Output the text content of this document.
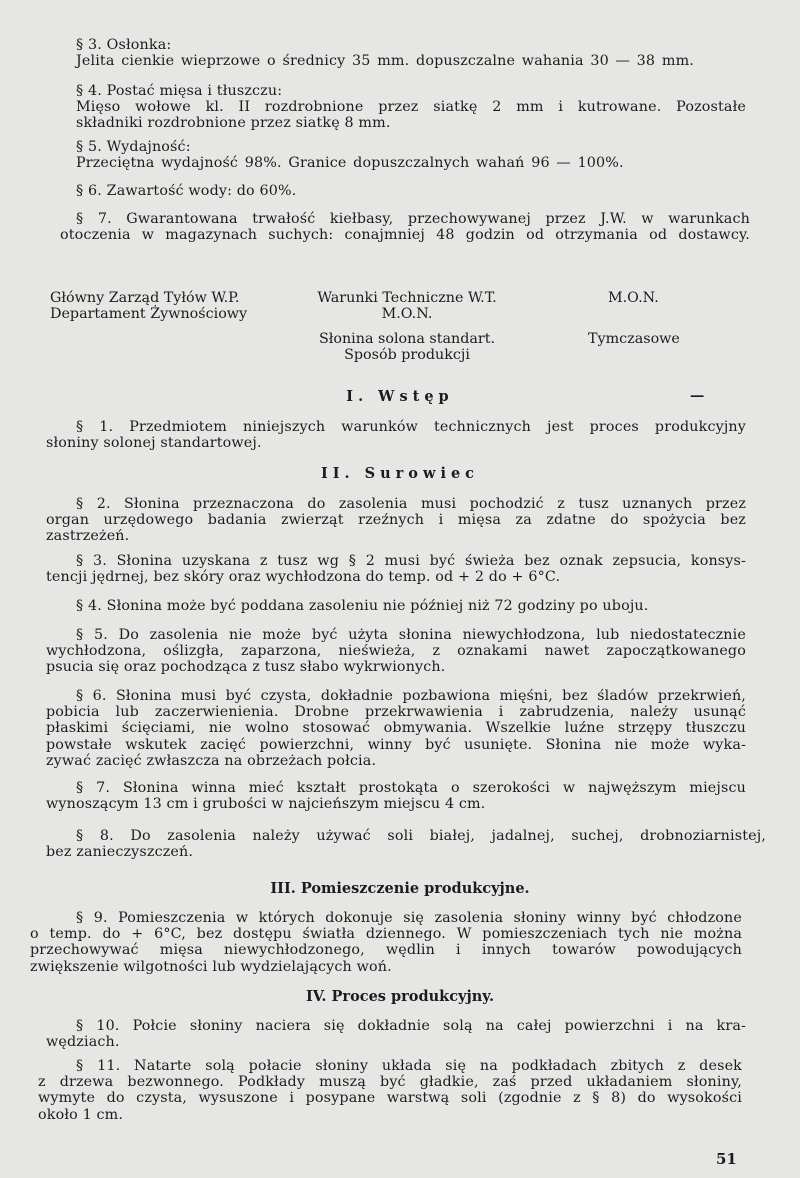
§ 3. Osłonka:
Jelita cienkie wieprzowe o średnicy 35 mm. dopuszczalne wahania 30 — 38 mm.
§ 4. Postać mięsa i tłuszczu:
Mięso wołowe kl. II rozdrobnione przez siatkę 2 mm i kutrowane. Pozostałe
składniki rozdrobnione przez siatkę 8 mm.
§ 5. Wydajność:
Przeciętna wydajność 98%. Granice dopuszczalnych wahań 96 — 100%.
§ 6. Zawartość wody: do 60%.
§ 7. Gwarantowana trwałość kiełbasy, przechowywanej przez J.W. w warunkach
otoczenia w magazynach suchych: conajmniej 48 godzin od otrzymania od dostawcy.
Główny Zarząd Tyłów W.P.
Departament Żywnościowy
Warunki Techniczne W.T.
M.O.N.
M.O.N.
Słonina solona standart.
Sposób produkcji
Tymczasowe
I. Wstęp	—
§ 1. Przedmiotem niniejszych warunków technicznych jest proces produkcyjny
słoniny solonej standartowej.
II. Surowiec
§ 2. Słonina przeznaczona do zasolenia musi pochodzić z tusz uznanych przez
organ urzędowego badania zwierząt rzeźnych i mięsa za zdatne do spożycia bez
zastrzeżeń.
§ 3. Słonina uzyskana z tusz wg § 2 musi być świeża bez oznak zepsucia, konsys-
tencji jędrnej, bez skóry oraz wychłodzona do temp. od + 2 do + 6°C.
§ 4. Słonina może być poddana zasoleniu nie później niż 72 godziny po uboju.
§ 5. Do zasolenia nie może być użyta słonina niewychłodzona, lub niedostatecznie
wychłodzona, oślizgła, zaparzona, nieświeża, z oznakami nawet zapoczątkowanego
psucia się oraz pochodząca z tusz słabo wykrwionych.
§ 6. Słonina musi być czysta, dokładnie pozbawiona mięśni, bez śladów przekrwień,
pobicia lub zaczerwienienia. Drobne przekrwawienia i zabrudzenia, należy usunąć
płaskimi ścięciami, nie wolno stosować obmywania. Wszelkie luźne strzępy tłuszczu
powstałe wskutek zacięć powierzchni, winny być usunięte. Słonina nie może wyka-
zywać zacięć zwłaszcza na obrzeżach połcia.
§ 7. Słonina winna mieć kształt prostokąta o szerokości w najwęższym miejscu
wynoszącym 13 cm i grubości w najcieńszym miejscu 4 cm.
§ 8. Do zasolenia należy używać soli białej, jadalnej, suchej, drobnoziarnistej,
bez zanieczyszczeń.
III. Pomieszczenie produkcyjne.
§ 9. Pomieszczenia w których dokonuje się zasolenia słoniny winny być chłodzone
o temp. do + 6°C, bez dostępu światła dziennego. W pomieszczeniach tych nie można
przechowywać mięsa niewychłodzonego, wędlin i innych towarów powodujących
zwiększenie wilgotności lub wydzielających woń.
IV. Proces produkcyjny.
§ 10. Połcie słoniny naciera się dokładnie solą na całej powierzchni i na kra-
wędziach.
§ 11. Natarte solą połacie słoniny układa się na podkładach zbitych z desek
z drzewa bezwonnego. Podkłady muszą być gładkie, zaś przed układaniem słoniny,
wymyte do czysta, wysuszone i posypane warstwą soli (zgodnie z § 8) do wysokości
około 1 cm.
51
